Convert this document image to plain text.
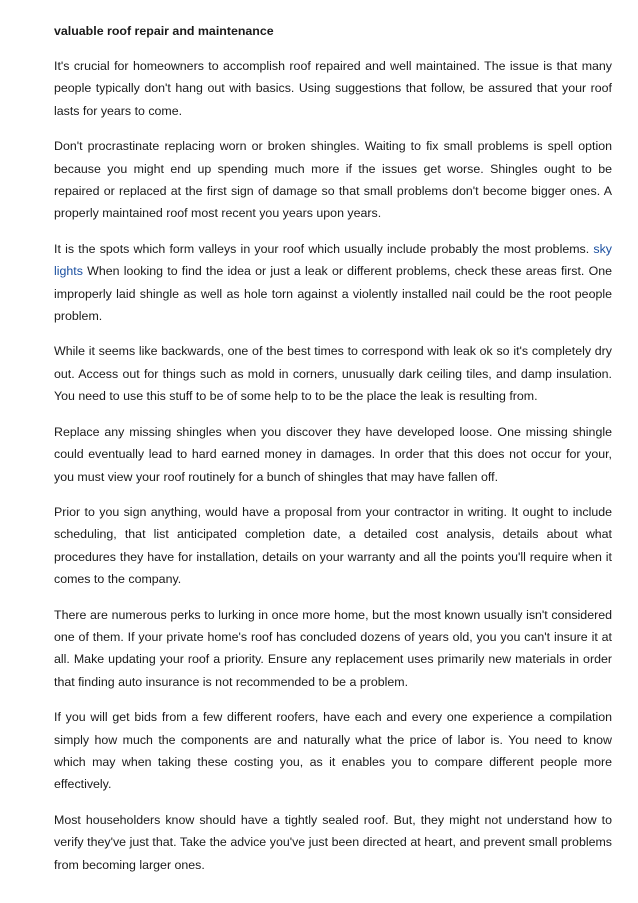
valuable roof repair and maintenance

It's crucial for homeowners to accomplish roof repaired and well maintained. The issue is that many people typically don't hang out with basics. Using suggestions that follow, be assured that your roof lasts for years to come.

Don't procrastinate replacing worn or broken shingles. Waiting to fix small problems is spell option because you might end up spending much more if the issues get worse. Shingles ought to be repaired or replaced at the first sign of damage so that small problems don't become bigger ones. A properly maintained roof most recent you years upon years.

It is the spots which form valleys in your roof which usually include probably the most problems. sky lights When looking to find the idea or just a leak or different problems, check these areas first. One improperly laid shingle as well as hole torn against a violently installed nail could be the root people problem.

While it seems like backwards, one of the best times to correspond with leak ok so it's completely dry out. Access out for things such as mold in corners, unusually dark ceiling tiles, and damp insulation. You need to use this stuff to be of some help to to be the place the leak is resulting from.

Replace any missing shingles when you discover they have developed loose. One missing shingle could eventually lead to hard earned money in damages. In order that this does not occur for your, you must view your roof routinely for a bunch of shingles that may have fallen off.

Prior to you sign anything, would have a proposal from your contractor in writing. It ought to include scheduling, that list anticipated completion date, a detailed cost analysis, details about what procedures they have for installation, details on your warranty and all the points you'll require when it comes to the company.

There are numerous perks to lurking in once more home, but the most known usually isn't considered one of them. If your private home's roof has concluded dozens of years old, you you can't insure it at all. Make updating your roof a priority. Ensure any replacement uses primarily new materials in order that finding auto insurance is not recommended to be a problem.

If you will get bids from a few different roofers, have each and every one experience a compilation simply how much the components are and naturally what the price of labor is. You need to know which may when taking these costing you, as it enables you to compare different people more effectively.

Most householders know should have a tightly sealed roof. But, they might not understand how to verify they've just that. Take the advice you've just been directed at heart, and prevent small problems from becoming larger ones.
